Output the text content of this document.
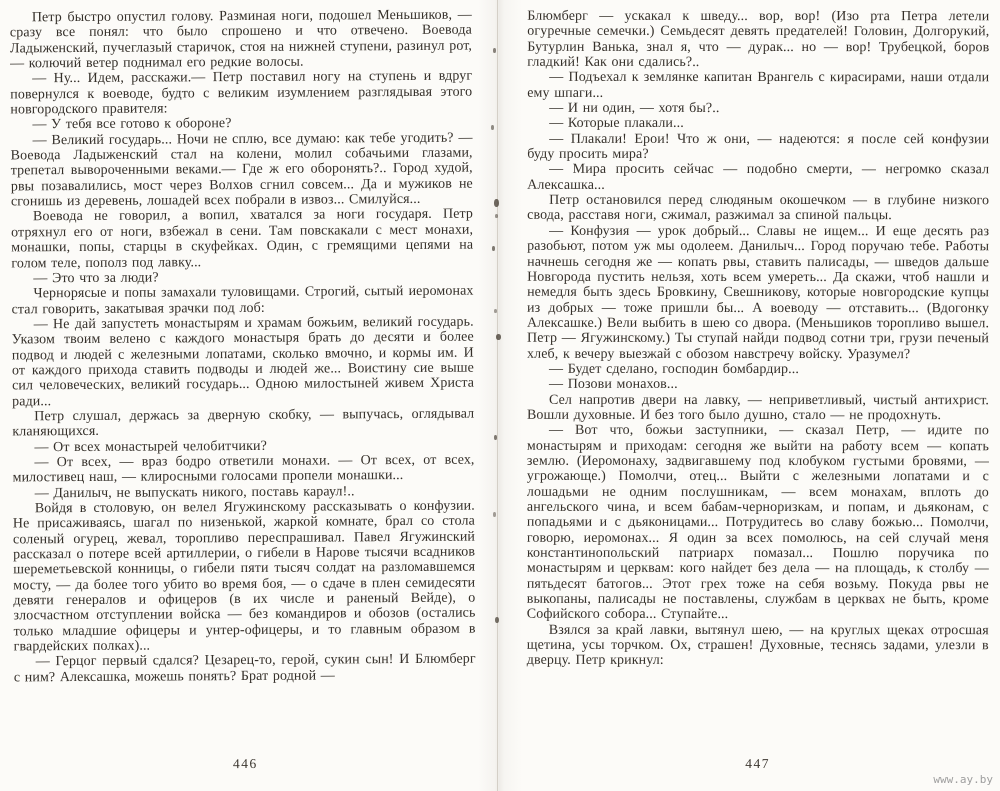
Петр быстро опустил голову. Разминая ноги, подошел Меньшиков, — сразу все понял: что было спрошено и что отвечено. Воевода Ладыженский, пучеглазый старичок, стоя на нижней ступени, разинул рот, — колючий ветер поднимал его редкие волосы.

— Ну... Идем, расскажи.— Петр поставил ногу на ступень и вдруг повернулся к воеводе, будто с великим изумлением разглядывая этого новгородского правителя:

— У тебя все готово к обороне?

— Великий государь... Ночи не сплю, все думаю: как тебе угодить? — Воевода Ладыженский стал на колени, молил собачьими глазами, трепетал вывороченными веками.— Где ж его оборонять?.. Город худой, рвы позавалились, мост через Волхов сгнил совсем... Да и мужиков не сгонишь из деревень, лошадей всех побрали в извоз... Смилуйся...

Воевода не говорил, а вопил, хватался за ноги государя. Петр отряхнул его от ноги, взбежал в сени. Там повскакали с мест монахи, монашки, попы, старцы в скуфейках. Один, с гремящими цепями на голом теле, пополз под лавку...

— Это что за люди?

Чернорясые и попы замахали туловищами. Строгий, сытый иеромонах стал говорить, закатывая зрачки под лоб:

— Не дай запустеть монастырям и храмам божьим, великий государь. Указом твоим велено с каждого монастыря брать до десяти и более подвод и людей с железными лопатами, сколько вмочно, и кормы им. И от каждого прихода ставить подводы и людей же... Воистину сие выше сил человеческих, великий государь... Одною милостыней живем Христа ради...

Петр слушал, держась за дверную скобку, — выпучась, оглядывал кланяющихся.

— От всех монастырей челобитчики?

— От всех, — враз бодро ответили монахи. — От всех, от всех, милостивец наш, — клиросными голосами пропели монашки...

— Данилыч, не выпускать никого, поставь караул!..

Войдя в столовую, он велел Ягужинскому рассказывать о конфузии. Не присаживаясь, шагал по низенькой, жаркой комнате, брал со стола соленый огурец, жевал, торопливо переспрашивал. Павел Ягужинский рассказал о потере всей артиллерии, о гибели в Нарове тысячи всадников шереметьевской конницы, о гибели пяти тысяч солдат на разломавшемся мосту, — да более того убито во время боя, — о сдаче в плен семидесяти девяти генералов и офицеров (в их числе и раненый Вейде), о злосчастном отступлении войска — без командиров и обозов (остались только младшие офицеры и унтер-офицеры, и то главным образом в гвардейских полках)...

— Герцог первый сдался? Цезарец-то, герой, сукин сын! И Блюмберг с ним? Алексашка, можешь понять? Брат родной —

446

Блюмберг — ускакал к шведу... вор, вор! (Изо рта Петра летели огуречные семечки.) Семьдесят девять предателей! Головин, Долгорукий, Бутурлин Ванька, знал я, что — дурак... но — вор! Трубецкой, боров гладкий! Как они сдались?..

— Подъехал к землянке капитан Врангель с кирасирами, наши отдали ему шпаги...

— И ни один, — хотя бы?..

— Которые плакали...

— Плакали! Ерои! Что ж они, — надеются: я после сей конфузии буду просить мира?

— Мира просить сейчас — подобно смерти, — негромко сказал Алексашка...

Петр остановился перед слюдяным окошечком — в глубине низкого свода, расставя ноги, сжимал, разжимал за спиной пальцы.

— Конфузия — урок добрый... Славы не ищем... И еще десять раз разобьют, потом уж мы одолеем. Данилыч... Город поручаю тебе. Работы начнешь сегодня же — копать рвы, ставить палисады, — шведов дальше Новгорода пустить нельзя, хоть всем умереть... Да скажи, чтоб нашли и немедля быть здесь Бровкину, Свешникову, которые новгородские купцы из добрых — тоже пришли бы... А воеводу — отставить... (Вдогонку Алексашке.) Вели выбить в шею со двора. (Меньшиков торопливо вышел. Петр — Ягужинскому.) Ты ступай найди подвод сотни три, грузи печеный хлеб, к вечеру выезжай с обозом навстречу войску. Уразумел?

— Будет сделано, господин бомбардир...

— Позови монахов...

Сел напротив двери на лавку, — неприветливый, чистый антихрист. Вошли духовные. И без того было душно, стало — не продохнуть.

— Вот что, божьи заступники, — сказал Петр, — идите по монастырям и приходам: сегодня же выйти на работу всем — копать землю. (Иеромонаху, задвигавшему под клобуком густыми бровями, — угрожающе.) Помолчи, отец... Выйти с железными лопатами и с лошадьми не одним послушникам, — всем монахам, вплоть до ангельского чина, и всем бабам-черноризкам, и попам, и дьяконам, с попадьями и с дьяконицами... Потрудитесь во славу божью... Помолчи, говорю, иеромонах... Я один за всех помолюсь, на сей случай меня константинопольский патриарх помазал... Пошлю поручика по монастырям и церквам: кого найдет без дела — на площадь, к столбу — пятьдесят батогов... Этот грех тоже на себя возьму. Покуда рвы не выкопаны, палисады не поставлены, службам в церквах не быть, кроме Софийского собора... Ступайте...

Взялся за край лавки, вытянул шею, — на круглых щеках отросшая щетина, усы торчком. Ох, страшен! Духовные, теснясь задами, улезли в дверцу. Петр крикнул:

447
www.ay.by
